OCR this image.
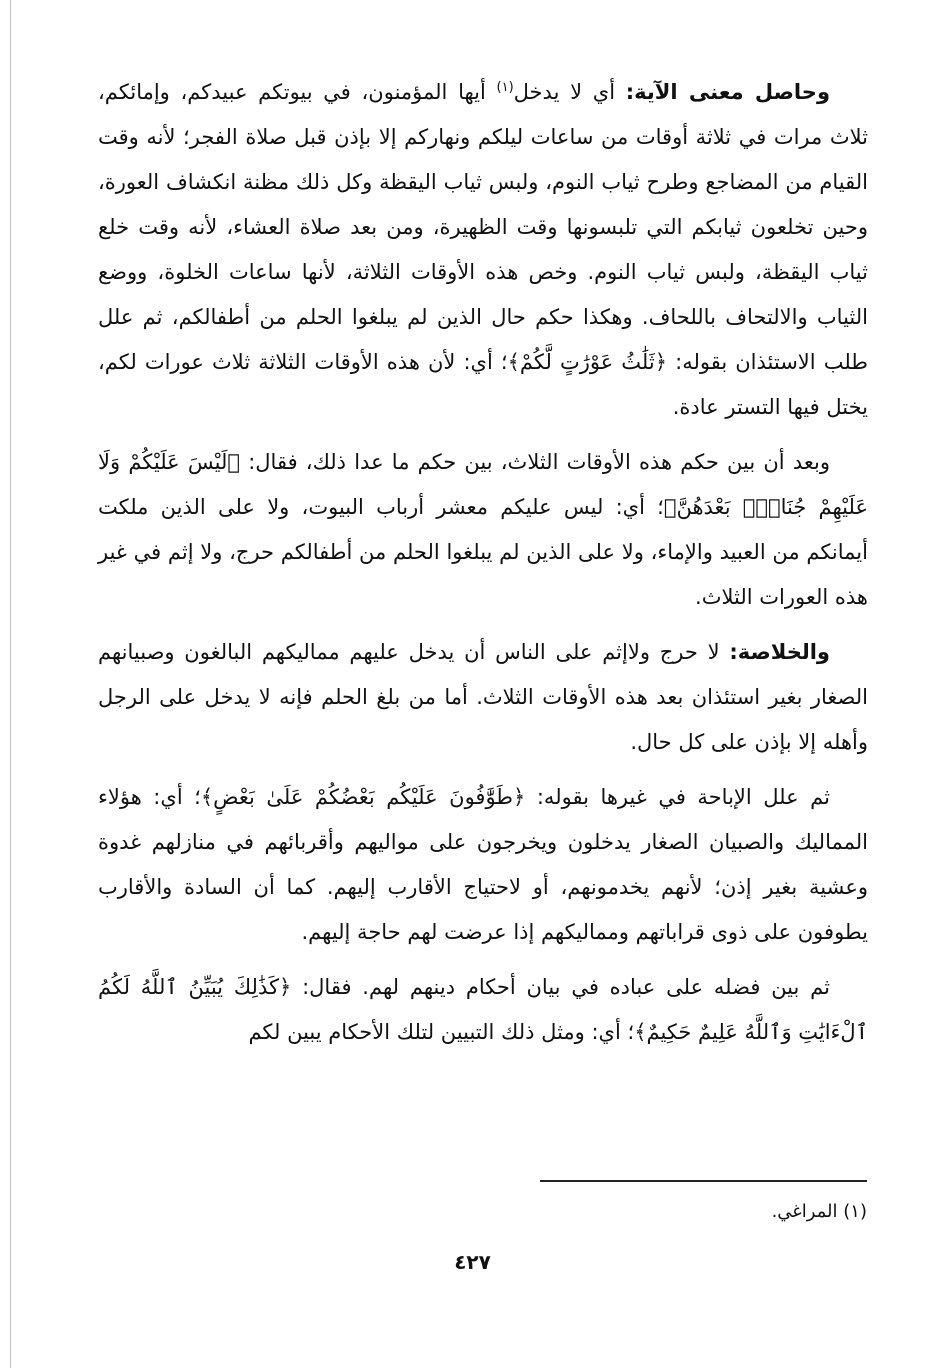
وحاصل معنى الآية: أي لا يدخل$^{(١)}$ أيها المؤمنون، في بيوتكم عبيدكم، وإمائكم، ثلاث مرات في ثلاثة أوقات من ساعات ليلكم ونهاركم إلا بإذن قبل صلاة الفجر؛ لأنه وقت القيام من المضاجع وطرح ثياب النوم، ولبس ثياب اليقظة وكل ذلك مظنة انكشاف العورة، وحين تخلعون ثيابكم التي تلبسونها وقت الظهيرة، ومن بعد صلاة العشاء، لأنه وقت خلع ثياب اليقظة، ولبس ثياب النوم. وخص هذه الأوقات الثلاثة، لأنها ساعات الخلوة، ووضع الثياب والالتحاف باللحاف. وهكذا حكم حال الذين لم يبلغوا الحلم من أطفالكم، ثم علل طلب الاستئذان بقوله: ﴿ثَلَٰثُ عَوْرَٰتٍ لَّكُمْ﴾؛ أي: لأن هذه الأوقات الثلاثة ثلاث عورات لكم، يختل فيها التستر عادة.

وبعد أن بين حكم هذه الأوقات الثلاث، بين حكم ما عدا ذلك، فقال: ﴿لَيْسَ عَلَيْكُمْ وَلَا عَلَيْهِمْ جُنَاحٌۢ بَعْدَهُنَّ﴾؛ أي: ليس عليكم معشر أرباب البيوت، ولا على الذين ملكت أيمانكم من العبيد والإماء، ولا على الذين لم يبلغوا الحلم من أطفالكم حرج، ولا إثم في غير هذه العورات الثلاث.

والخلاصة: لا حرج ولاإثم على الناس أن يدخل عليهم مماليكهم البالغون وصبيانهم الصغار بغير استئذان بعد هذه الأوقات الثلاث. أما من بلغ الحلم فإنه لا يدخل على الرجل وأهله إلا بإذن على كل حال.

ثم علل الإباحة في غيرها بقوله: ﴿طَوَّٰفُونَ عَلَيْكُم بَعْضُكُمْ عَلَىٰ بَعْضٍ﴾؛ أي: هؤلاء المماليك والصبيان الصغار يدخلون ويخرجون على مواليهم وأقربائهم في منازلهم غدوة وعشية بغير إذن؛ لأنهم يخدمونهم، أو لاحتياج الأقارب إليهم. كما أن السادة والأقارب يطوفون على ذوى قراباتهم ومماليكهم إذا عرضت لهم حاجة إليهم.

ثم بين فضله على عباده في بيان أحكام دينهم لهم. فقال: ﴿كَذَٰلِكَ يُبَيِّنُ ٱللَّهُ لَكُمُ ٱلْءَايَٰتِ وَٱللَّهُ عَلِيمٌ حَكِيمٌ﴾؛ أي: ومثل ذلك التبيين لتلك الأحكام يبين لكم

(١) المراغي.
٤٢٧
